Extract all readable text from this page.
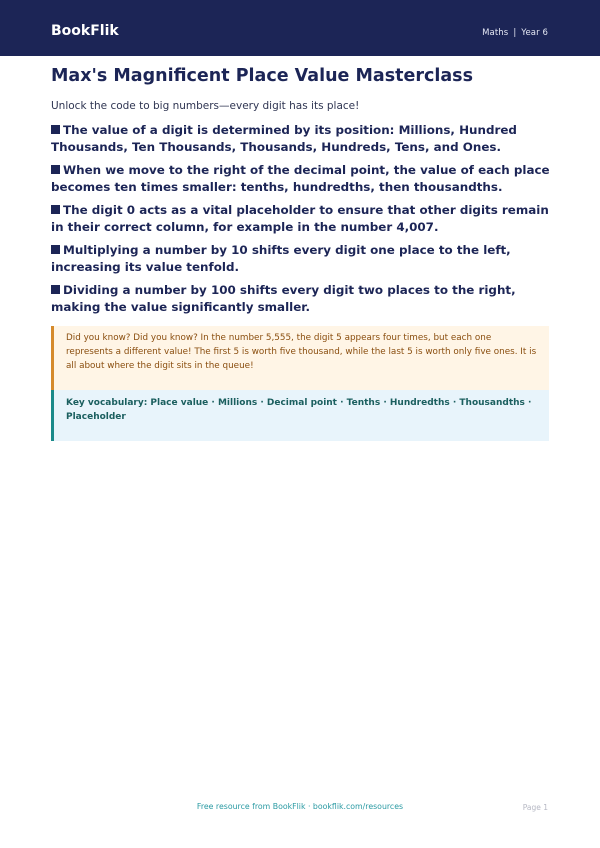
BookFlik	Maths | Year 6
Max's Magnificent Place Value Masterclass

Unlock the code to big numbers—every digit has its place!

The value of a digit is determined by its position: Millions, Hundred Thousands, Ten Thousands, Thousands, Hundreds, Tens, and Ones.
When we move to the right of the decimal point, the value of each place becomes ten times smaller: tenths, hundredths, then thousandths.
The digit 0 acts as a vital placeholder to ensure that other digits remain in their correct column, for example in the number 4,007.
Multiplying a number by 10 shifts every digit one place to the left, increasing its value tenfold.
Dividing a number by 100 shifts every digit two places to the right, making the value significantly smaller.
Did you know? Did you know? In the number 5,555, the digit 5 appears four times, but each one represents a different value! The first 5 is worth five thousand, while the last 5 is worth only five ones. It is all about where the digit sits in the queue!
Key vocabulary: Place value · Millions · Decimal point · Tenths · Hundredths · Thousandths · Placeholder
Free resource from BookFlik · bookflik.com/resources	Page 1
